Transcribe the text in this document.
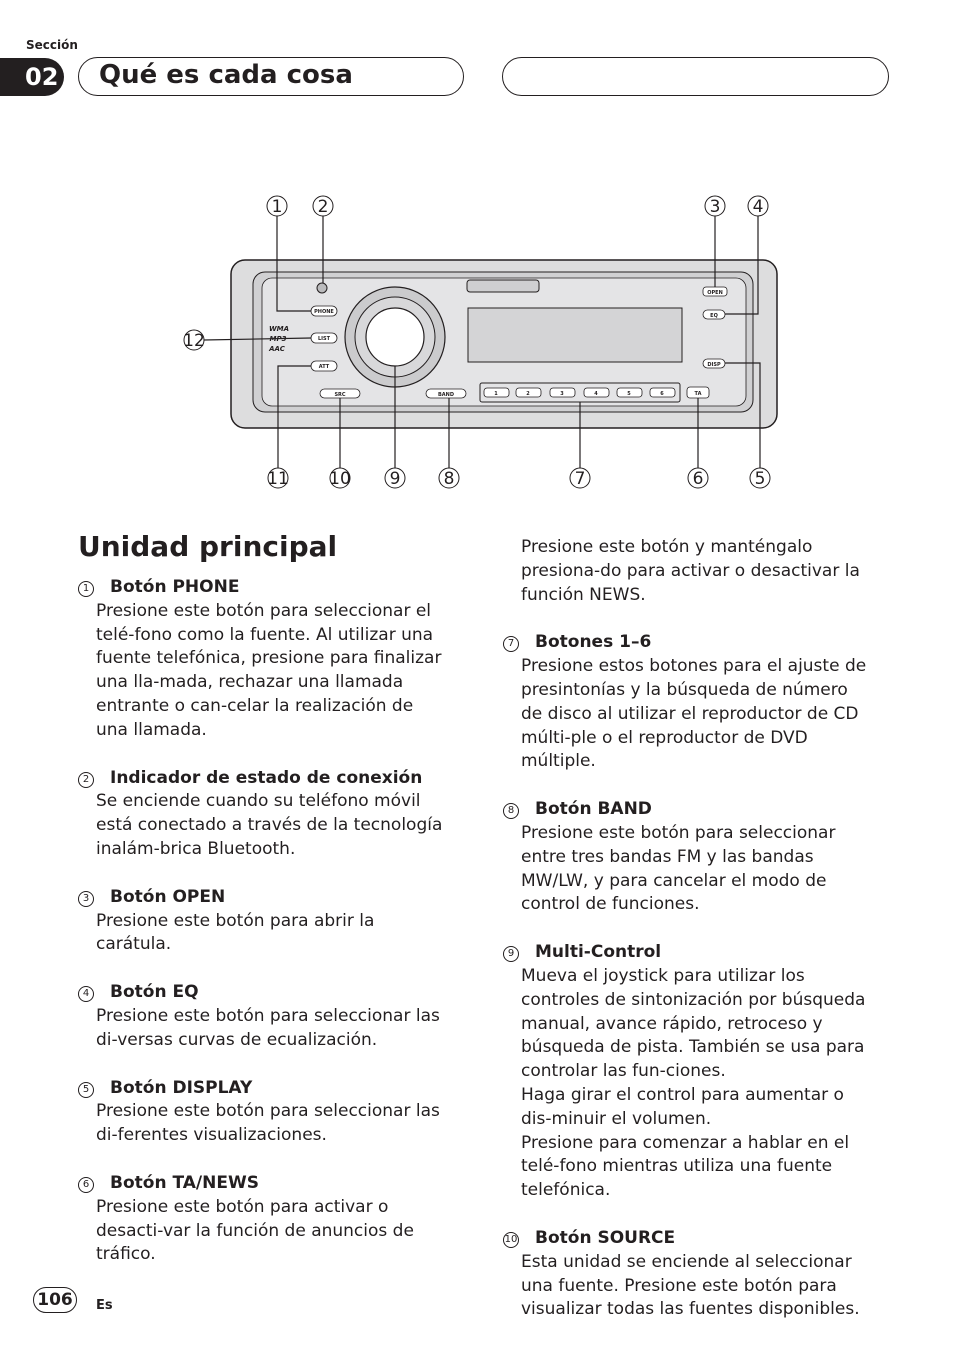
Sección
02 Qué es cada cosa
1 2	3 4
12
11 10 9	8	7	6	5
PHONE
LIST
ATT
SRC	BAND
OPEN
EQ
DISP
TA
1	2	3	4	5	6
WMA
MP3
AAC
Unidad principal
1 Botón PHONE
Presione este botón para seleccionar el telé-fono como la fuente. Al utilizar una fuente telefónica, presione para finalizar una lla-mada, rechazar una llamada entrante o can-celar la realización de una llamada.
2 Indicador de estado de conexión
Se enciende cuando su teléfono móvil está conectado a través de la tecnología inalám-brica Bluetooth.
3 Botón OPEN
Presione este botón para abrir la carátula.
4 Botón EQ
Presione este botón para seleccionar las di-versas curvas de ecualización.
5 Botón DISPLAY
Presione este botón para seleccionar las di-ferentes visualizaciones.
6 Botón TA/NEWS
Presione este botón para activar o desacti-var la función de anuncios de tráfico.
Presione este botón y manténgalo presiona-do para activar o desactivar la función NEWS.
7 Botones 1–6
Presione estos botones para el ajuste de presintonías y la búsqueda de número de disco al utilizar el reproductor de CD múlti-ple o el reproductor de DVD múltiple.
8 Botón BAND
Presione este botón para seleccionar entre tres bandas FM y las bandas MW/LW, y para cancelar el modo de control de funciones.
9 Multi-Control
Mueva el joystick para utilizar los controles de sintonización por búsqueda manual, avance rápido, retroceso y búsqueda de pista. También se usa para controlar las fun-ciones.
Haga girar el control para aumentar o dis-minuir el volumen.
Presione para comenzar a hablar en el telé-fono mientras utiliza una fuente telefónica.
10 Botón SOURCE
Esta unidad se enciende al seleccionar una fuente. Presione este botón para visualizar todas las fuentes disponibles.
106	Es
